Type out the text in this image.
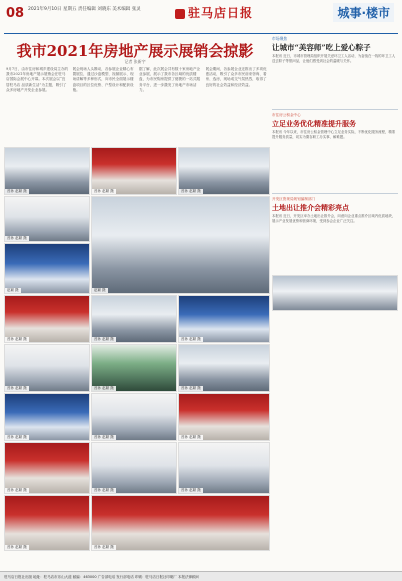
08 2021年9月10日 星期五 责任编辑 刘晓东 美术编辑 张灵	驻马店日报	城事·楼市
我市2021年房地产展示展销会掠影
记者 张新宇
9月7日，由市住房和城乡建设局主办的我市2021年房地产展示展销会在驻马店国际会展中心开幕。本次展会以“宜居驻马店 品质新生活”为主题，吸引了众多房地产开发企业参展。
展会现场人头攒动，各参展企业精心布置展位，通过沙盘模型、视频展示、现场讲解等多种形式，向市民全面展示楼盘项目的区位优势、户型设计和配套设施。
据了解，此次展会共有数十家房地产企业参展，展示了我市各区域的优质楼盘，为市民购房提供了便捷的一站式服务平台，进一步激发了房地产市场活力。
展会期间，各参展企业还推出了多项优惠活动，吸引了众多市民前来咨询、看房、选房，现场成交气氛热烈，取得了良好的社会效益和经济效益。
晋孙 赵颖 摄	晋孙 赵颖 摄	晋孙 赵颖 摄
晋孙 赵颖 摄
赵颖 摄
赵颖 摄
晋孙 赵颖 摄	晋孙 赵颖 摄	晋孙 赵颖 摄
晋孙 赵颖 摄	晋孙 赵颖 摄	晋孙 赵颖 摄
晋孙 赵颖 摄	晋孙 赵颖 摄	晋孙 赵颖 摄
晋孙 赵颖 摄	晋孙 赵颖 摄	晋孙 赵颖 摄
晋孙 赵颖 摄	晋孙 赵颖 摄
市场聚焦
让城市“美容师”吃上爱心粽子
本报讯 近日，市城市管理局组织开展关爱环卫工人活动，为奋战在一线的环卫工人送去粽子等慰问品，让他们感受到社会的温暖与关怀。
市住房公积金中心
立足业务优化精准提升服务
本报讯 今年以来，市住房公积金管理中心立足业务实际，不断优化服务流程，精准提升服务质量，切实为缴存职工办实事、解难题。
开发区资规局规划编制部门
土地出让推介会精彩亮点
本报讯 近日，开发区举办土地出让推介会，向意向企业重点推介区域内优质地块，展示产业发展优势和营商环境，受到参会企业广泛关注。
驻马店日报社出版 地址：驻马店市乐山大道 邮编：463000 广告部电话 发行部电话 印刷：驻马店日报社印刷厂 本报法律顾问
